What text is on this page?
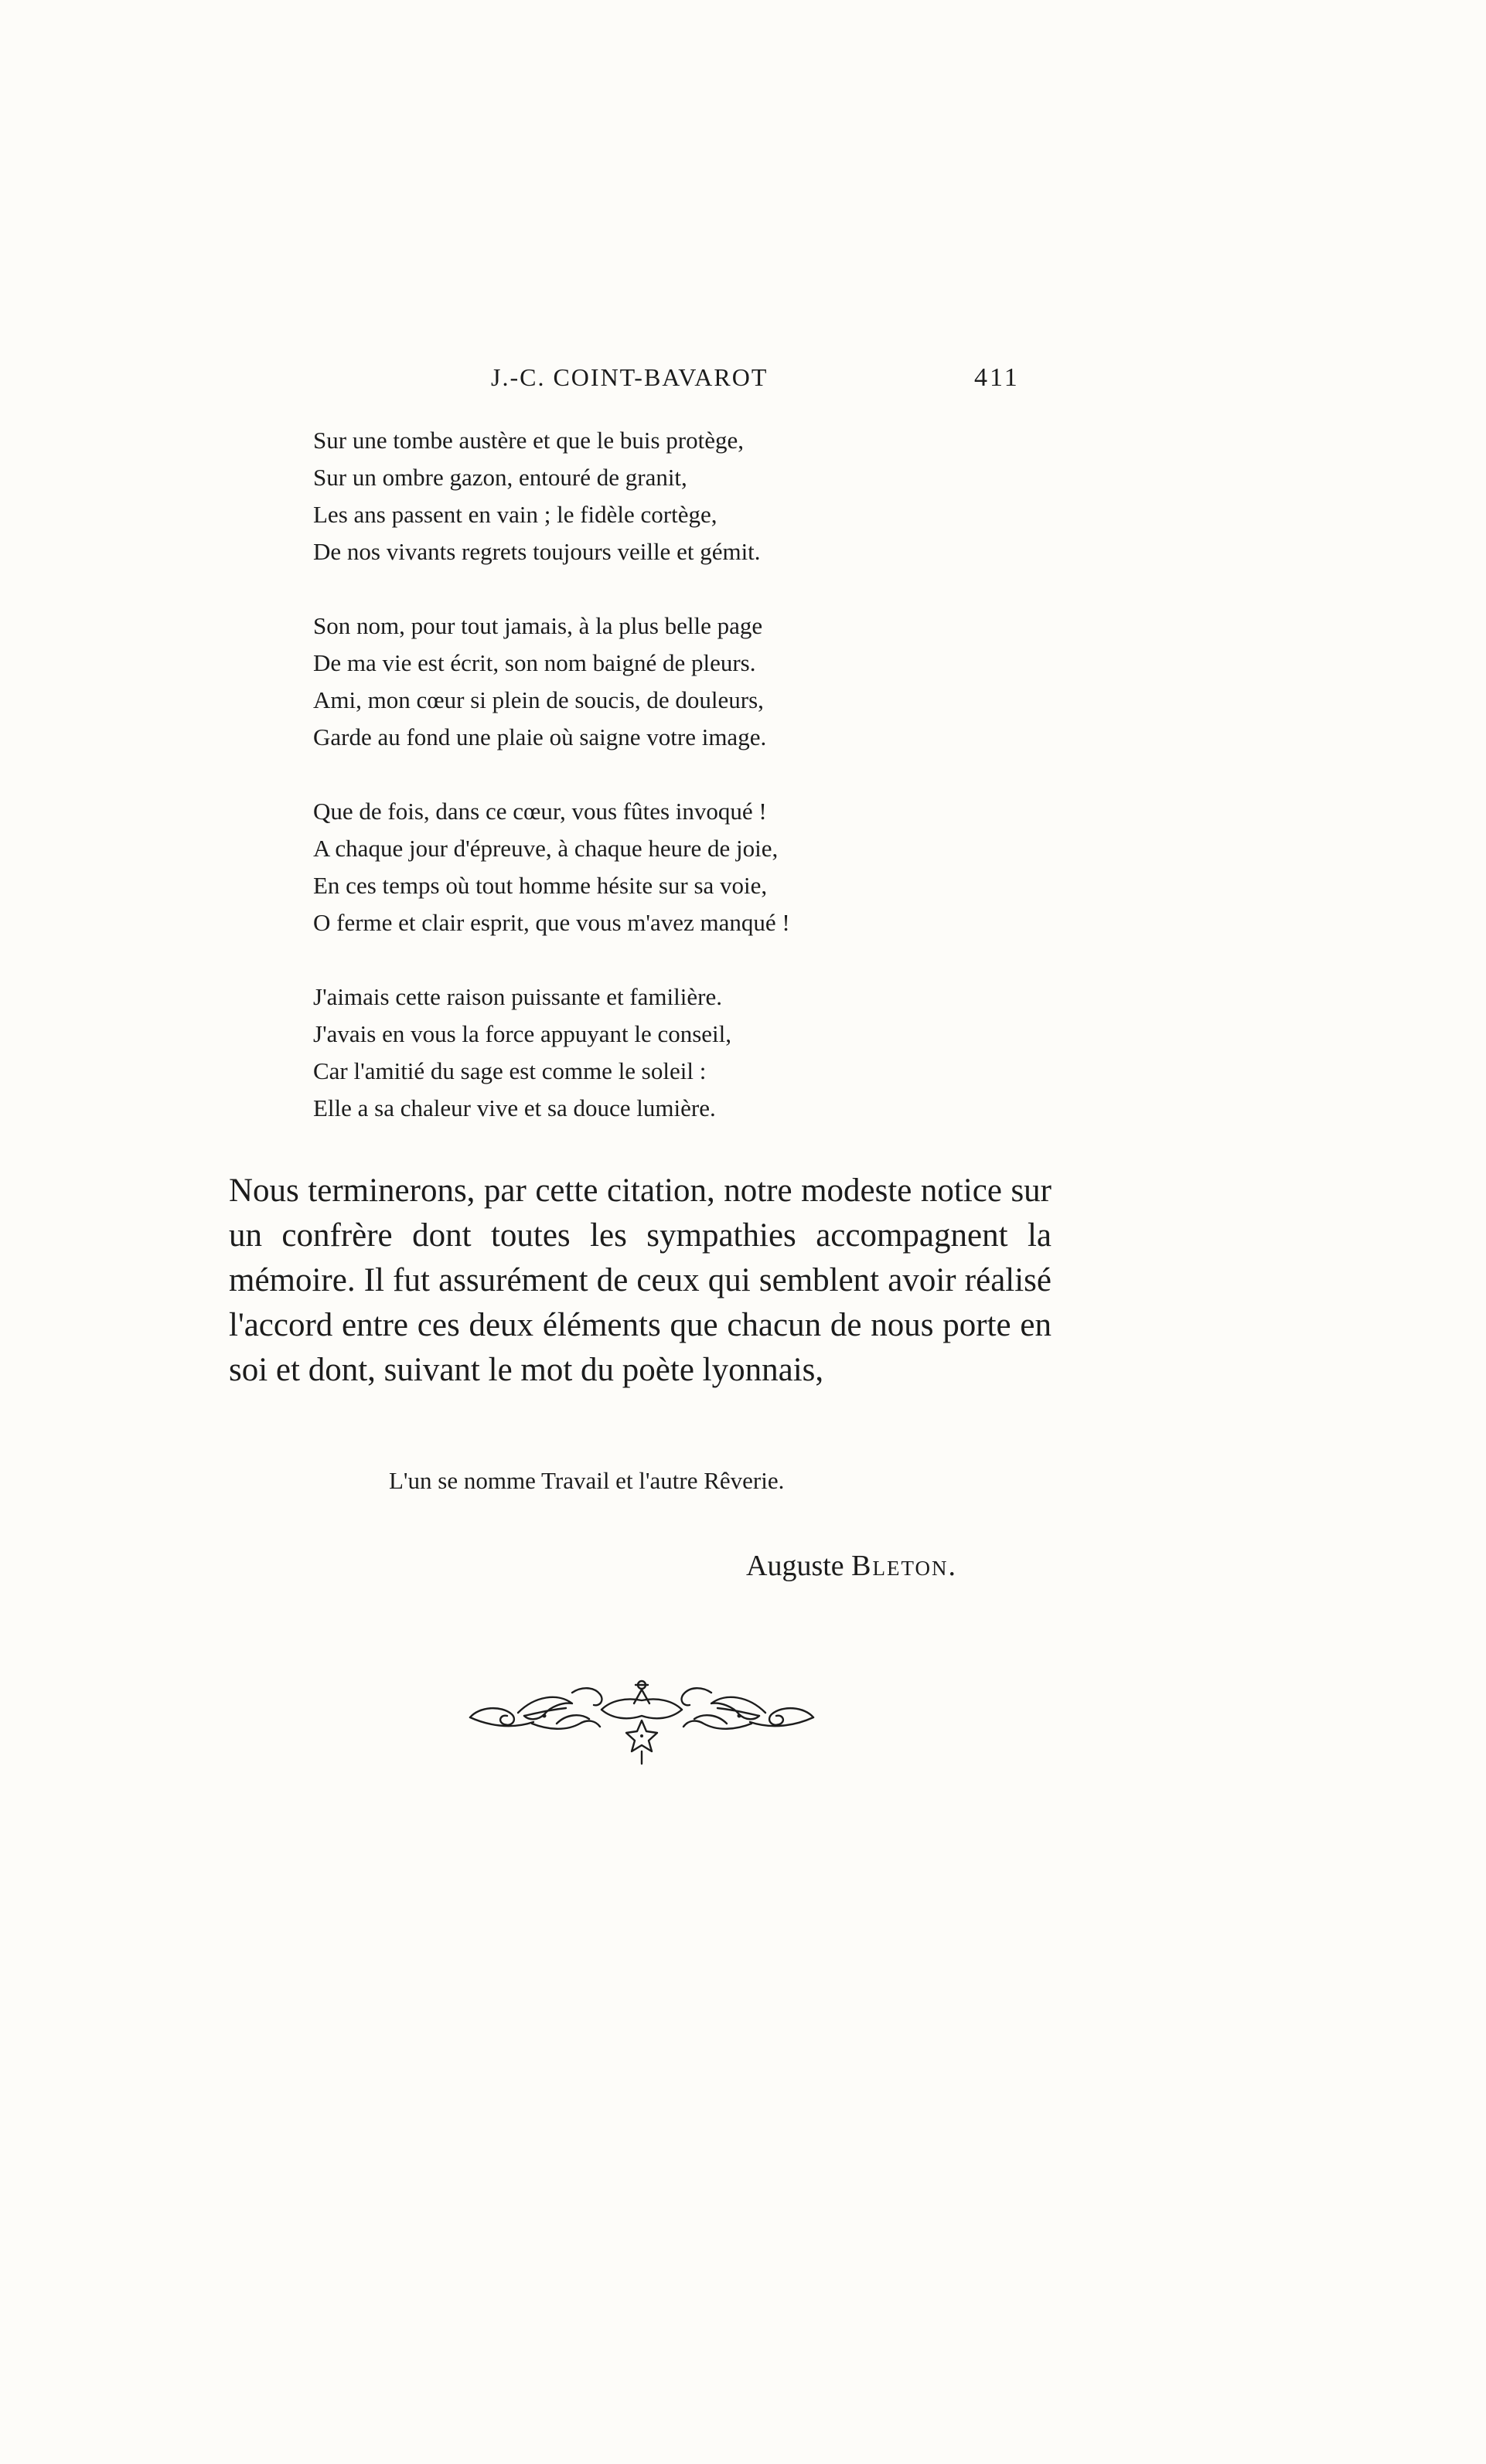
J.-C. COINT-BAVAROT	411
Sur une tombe austère et que le buis protège,
Sur un ombre gazon, entouré de granit,
Les ans passent en vain ; le fidèle cortège,
De nos vivants regrets toujours veille et gémit.
Son nom, pour tout jamais, à la plus belle page
De ma vie est écrit, son nom baigné de pleurs.
Ami, mon cœur si plein de soucis, de douleurs,
Garde au fond une plaie où saigne votre image.
Que de fois, dans ce cœur, vous fûtes invoqué !
A chaque jour d'épreuve, à chaque heure de joie,
En ces temps où tout homme hésite sur sa voie,
O ferme et clair esprit, que vous m'avez manqué !
J'aimais cette raison puissante et familière.
J'avais en vous la force appuyant le conseil,
Car l'amitié du sage est comme le soleil :
Elle a sa chaleur vive et sa douce lumière.
Nous terminerons, par cette citation, notre modeste notice sur un confrère dont toutes les sympathies accompagnent la mémoire. Il fut assurément de ceux qui semblent avoir réalisé l'accord entre ces deux éléments que chacun de nous porte en soi et dont, suivant le mot du poète lyonnais,
L'un se nomme Travail et l'autre Rêverie.
Auguste Bleton.
